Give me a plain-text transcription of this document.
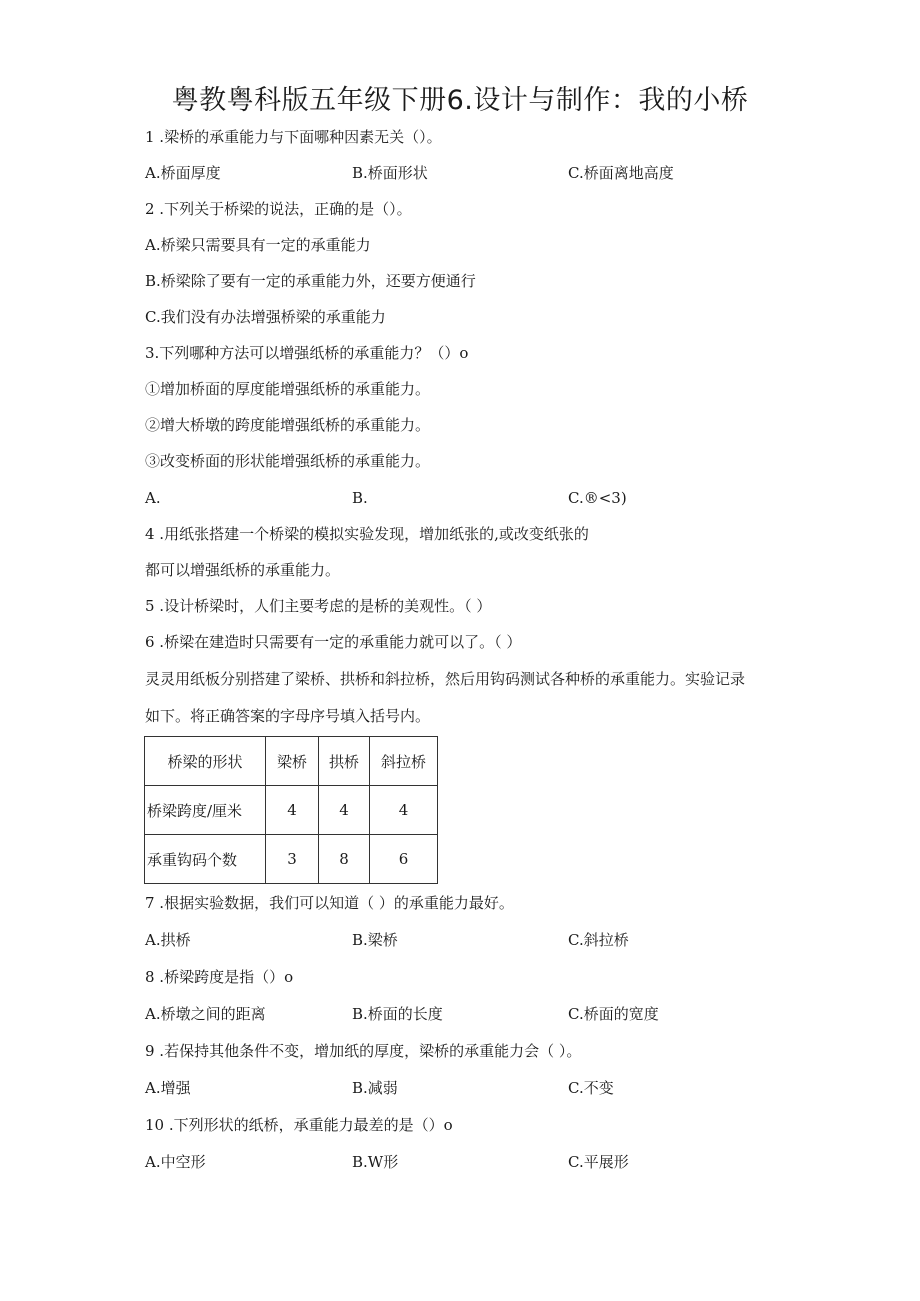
粤教粤科版五年级下册6.设计与制作：我的小桥
1 .梁桥的承重能力与下面哪种因素无关（）。
A.桥面厚度	B.桥面形状	C.桥面离地高度
2 .下列关于桥梁的说法，正确的是（）。
A.桥梁只需要具有一定的承重能力
B.桥梁除了要有一定的承重能力外，还要方便通行
C.我们没有办法增强桥梁的承重能力
3.下列哪种方法可以增强纸桥的承重能力？（）o
①增加桥面的厚度能增强纸桥的承重能力。
②增大桥墩的跨度能增强纸桥的承重能力。
③改变桥面的形状能增强纸桥的承重能力。
A.	B.	C.®<3)
4 .用纸张搭建一个桥梁的模拟实验发现，增加纸张的,或改变纸张的
都可以增强纸桥的承重能力。
5 .设计桥梁时，人们主要考虑的是桥的美观性。（ ）
6 .桥梁在建造时只需要有一定的承重能力就可以了。（ ）
灵灵用纸板分别搭建了梁桥、拱桥和斜拉桥，然后用钩码测试各种桥的承重能力。实验记录
如下。将正确答案的字母序号填入括号内。
桥梁的形状	梁桥	拱桥	斜拉桥
桥梁跨度/厘米	4	4	4
承重钩码个数	3	8	6
7 .根据实验数据，我们可以知道（ ）的承重能力最好。
A.拱桥	B.梁桥	C.斜拉桥
8 .桥梁跨度是指（）o
A.桥墩之间的距离	B.桥面的长度	C.桥面的宽度
9 .若保持其他条件不变，增加纸的厚度，梁桥的承重能力会（ ）。
A.增强	B.减弱	C.不变
10 .下列形状的纸桥，承重能力最差的是（）o
A.中空形	B.W形	C.平展形
